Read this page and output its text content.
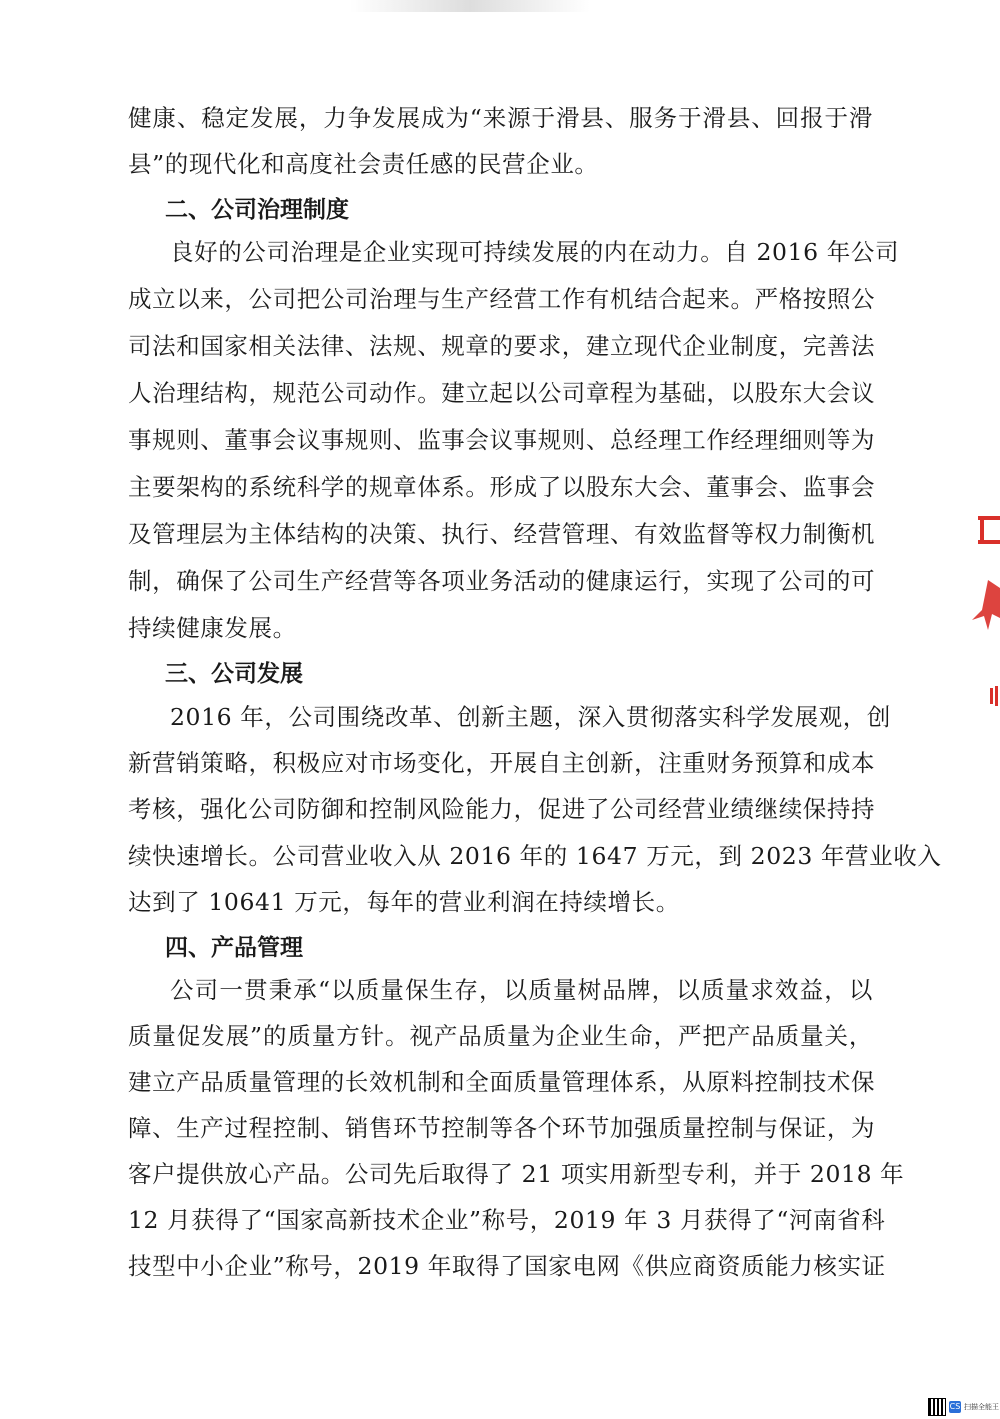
健康、稳定发展，力争发展成为“来源于滑县、服务于滑县、回报于滑
县”的现代化和高度社会责任感的民营企业。
二、公司治理制度
良好的公司治理是企业实现可持续发展的内在动力。自 2016 年公司
成立以来，公司把公司治理与生产经营工作有机结合起来。严格按照公
司法和国家相关法律、法规、规章的要求，建立现代企业制度，完善法
人治理结构，规范公司动作。建立起以公司章程为基础，以股东大会议
事规则、董事会议事规则、监事会议事规则、总经理工作经理细则等为
主要架构的系统科学的规章体系。形成了以股东大会、董事会、监事会
及管理层为主体结构的决策、执行、经营管理、有效监督等权力制衡机
制，确保了公司生产经营等各项业务活动的健康运行，实现了公司的可
持续健康发展。
三、公司发展
2016 年，公司围绕改革、创新主题，深入贯彻落实科学发展观，创
新营销策略，积极应对市场变化，开展自主创新，注重财务预算和成本
考核，强化公司防御和控制风险能力，促进了公司经营业绩继续保持持
续快速增长。公司营业收入从 2016 年的 1647 万元，到 2023 年营业收入
达到了 10641 万元，每年的营业利润在持续增长。
四、产品管理
公司一贯秉承“以质量保生存，以质量树品牌，以质量求效益，以
质量促发展”的质量方针。视产品质量为企业生命，严把产品质量关，
建立产品质量管理的长效机制和全面质量管理体系，从原料控制技术保
障、生产过程控制、销售环节控制等各个环节加强质量控制与保证，为
客户提供放心产品。公司先后取得了 21 项实用新型专利，并于 2018 年
12 月获得了“国家高新技术企业”称号，2019 年 3 月获得了“河南省科
技型中小企业”称号，2019 年取得了国家电网《供应商资质能力核实证
CS 扫描全能王
